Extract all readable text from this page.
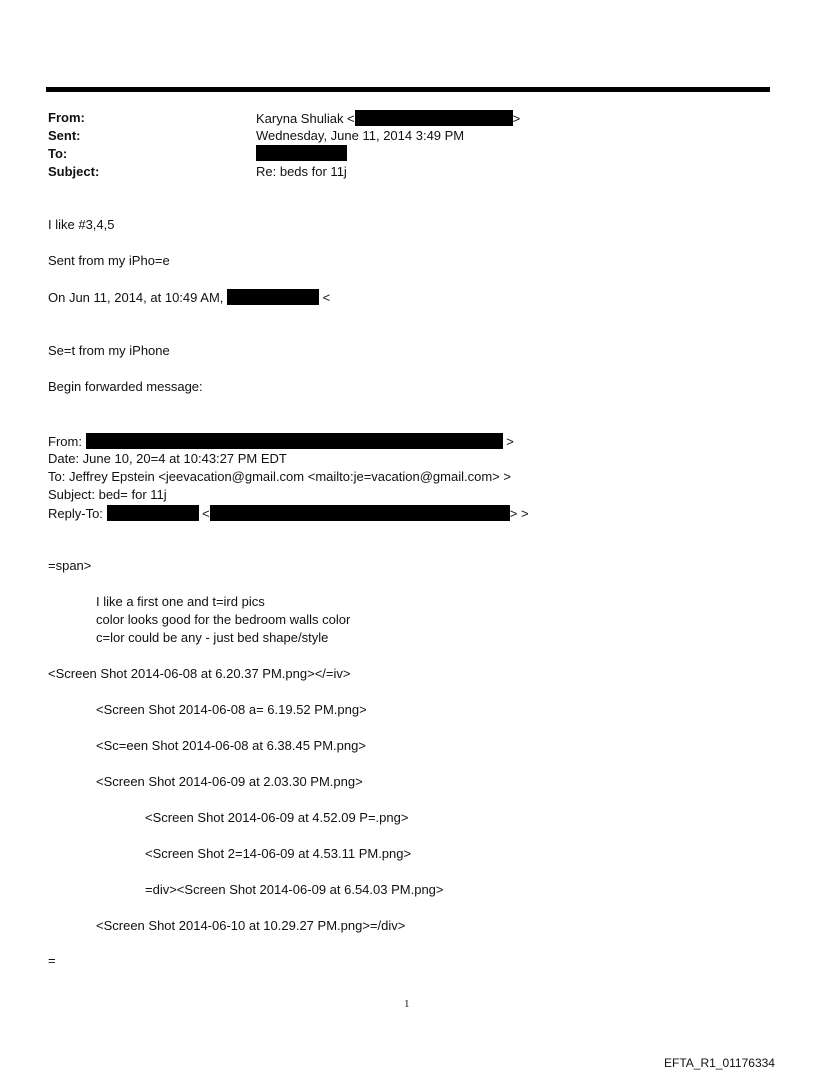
From:	Karyna Shuliak <	>
Sent:	Wednesday, June 11, 2014 3:49 PM
To:
Subject:	Re: beds for 11j
I like #3,4,5
Sent from my iPho=e
On Jun 11, 2014, at 10:49 AM,	<
Se=t from my iPhone
Begin forwarded message:
From:	>
Date: June 10, 20=4 at 10:43:27 PM EDT
To: Jeffrey Epstein <jeevacation@gmail.com <mailto:je=vacation@gmail.com> >
Subject: bed= for 11j
Reply-To:	<	> >
=span>
I like a first one and t=ird pics
color looks good for the bedroom walls color
c=lor could be any - just bed shape/style
<Screen Shot 2014-06-08 at 6.20.37 PM.png></=iv>
<Screen Shot 2014-06-08 a= 6.19.52 PM.png>
<Sc=een Shot 2014-06-08 at 6.38.45 PM.png>
<Screen Shot 2014-06-09 at 2.03.30 PM.png>
<Screen Shot 2014-06-09 at 4.52.09 P=.png>
<Screen Shot 2=14-06-09 at 4.53.11 PM.png>
=div><Screen Shot 2014-06-09 at 6.54.03 PM.png>
<Screen Shot 2014-06-10 at 10.29.27 PM.png>=/div>
=
1
EFTA_R1_01176334
